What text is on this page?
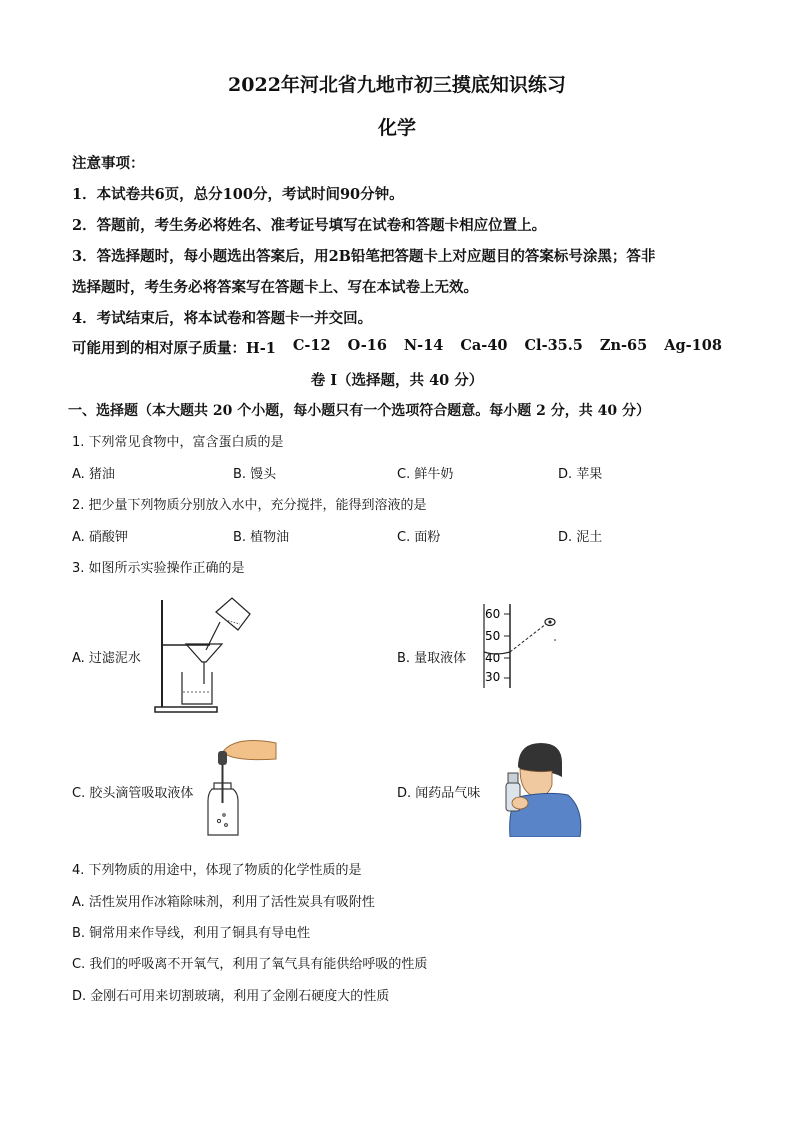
2022年河北省九地市初三摸底知识练习
化学
注意事项：
1．本试卷共6页，总分100分，考试时间90分钟。
2．答题前，考生务必将姓名、准考证号填写在试卷和答题卡相应位置上。
3．答选择题时，每小题选出答案后，用2B铅笔把答题卡上对应题目的答案标号涂黑；答非
选择题时，考生务必将答案写在答题卡上、写在本试卷上无效。
4．考试结束后，将本试卷和答题卡一并交回。
可能用到的相对原子质量：H-1 C-12 O-16 N-14 Ca-40 Cl-35.5 Zn-65 Ag-108
卷 I（选择题，共 40 分）
一、选择题（本大题共 20 个小题，每小题只有一个选项符合题意。每小题 2 分，共 40 分）
1. 下列常见食物中，富含蛋白质的是
A. 猪油	B. 馒头	C. 鲜牛奶	D. 苹果
2. 把少量下列物质分别放入水中，充分搅拌，能得到溶液的是
A. 硝酸钾	B. 植物油	C. 面粉	D. 泥土
3. 如图所示实验操作正确的是
A. 过滤泥水	B. 量取液体
60
50
40
30
C. 胶头滴管吸取液体	D. 闻药品气味
4. 下列物质的用途中，体现了物质的化学性质的是
A. 活性炭用作冰箱除味剂，利用了活性炭具有吸附性
B. 铜常用来作导线，利用了铜具有导电性
C. 我们的呼吸离不开氧气，利用了氧气具有能供给呼吸的性质
D. 金刚石可用来切割玻璃，利用了金刚石硬度大的性质
